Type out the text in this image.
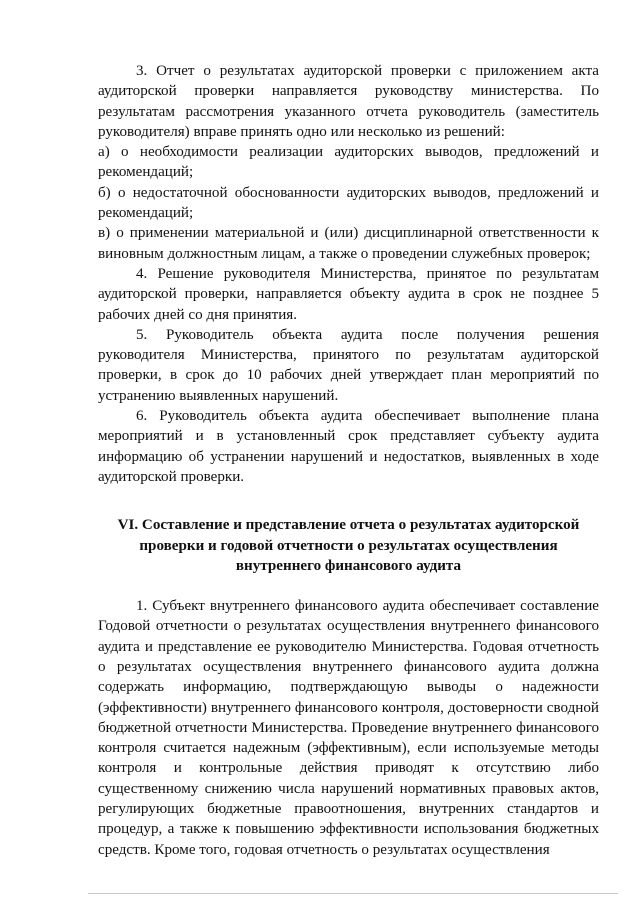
3. Отчет о результатах аудиторской проверки с приложением акта аудиторской проверки направляется руководству министерства. По результатам рассмотрения указанного отчета руководитель (заместитель руководителя) вправе принять одно или несколько из решений:

а) о необходимости реализации аудиторских выводов, предложений и рекомендаций;

б) о недостаточной обоснованности аудиторских выводов, предложений и рекомендаций;

в) о применении материальной и (или) дисциплинарной ответственности к виновным должностным лицам, а также о проведении служебных проверок;

4. Решение руководителя Министерства, принятое по результатам аудиторской проверки, направляется объекту аудита в срок не позднее 5 рабочих дней со дня принятия.

5. Руководитель объекта аудита после получения решения руководителя Министерства, принятого по результатам аудиторской проверки, в срок до 10 рабочих дней утверждает план мероприятий по устранению выявленных нарушений.

6. Руководитель объекта аудита обеспечивает выполнение плана мероприятий и в установленный срок представляет субъекту аудита информацию об устранении нарушений и недостатков, выявленных в ходе аудиторской проверки.

VI. Составление и представление отчета о результатах аудиторской проверки и годовой отчетности о результатах осуществления внутреннего финансового аудита

1. Субъект внутреннего финансового аудита обеспечивает составление Годовой отчетности о результатах осуществления внутреннего финансового аудита и представление ее руководителю Министерства. Годовая отчетность о результатах осуществления внутреннего финансового аудита должна содержать информацию, подтверждающую выводы о надежности (эффективности) внутреннего финансового контроля, достоверности сводной бюджетной отчетности Министерства. Проведение внутреннего финансового контроля считается надежным (эффективным), если используемые методы контроля и контрольные действия приводят к отсутствию либо существенному снижению числа нарушений нормативных правовых актов, регулирующих бюджетные правоотношения, внутренних стандартов и процедур, а также к повышению эффективности использования бюджетных средств. Кроме того, годовая отчетность о результатах осуществления
